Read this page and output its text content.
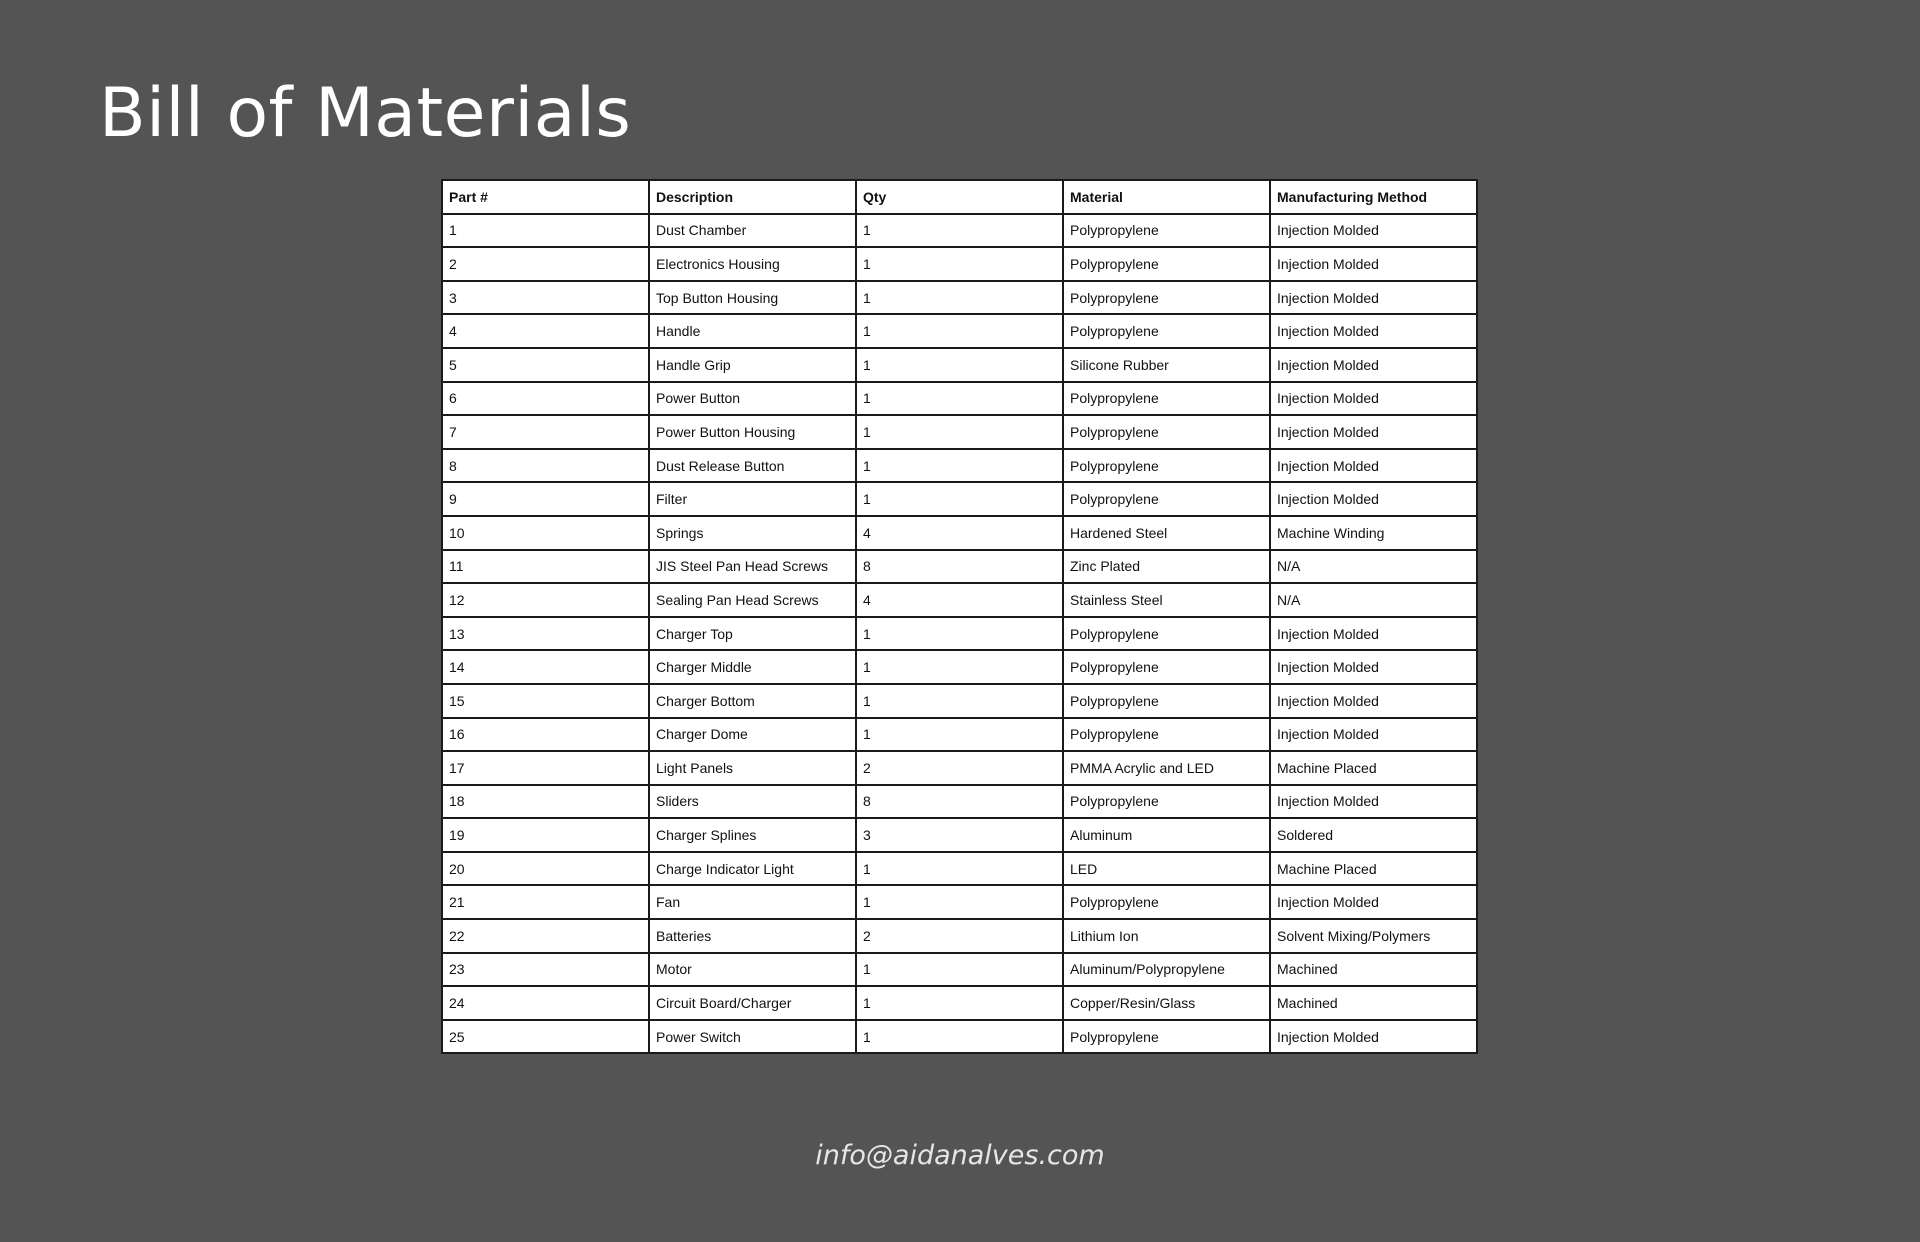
Bill of Materials
Part #	Description	Qty	Material	Manufacturing Method
1	Dust Chamber	1	Polypropylene	Injection Molded
2	Electronics Housing	1	Polypropylene	Injection Molded
3	Top Button Housing	1	Polypropylene	Injection Molded
4	Handle	1	Polypropylene	Injection Molded
5	Handle Grip	1	Silicone Rubber	Injection Molded
6	Power Button	1	Polypropylene	Injection Molded
7	Power Button Housing	1	Polypropylene	Injection Molded
8	Dust Release Button	1	Polypropylene	Injection Molded
9	Filter	1	Polypropylene	Injection Molded
10	Springs	4	Hardened Steel	Machine Winding
11	JIS Steel Pan Head Screws	8	Zinc Plated	N/A
12	Sealing Pan Head Screws	4	Stainless Steel	N/A
13	Charger Top	1	Polypropylene	Injection Molded
14	Charger Middle	1	Polypropylene	Injection Molded
15	Charger Bottom	1	Polypropylene	Injection Molded
16	Charger Dome	1	Polypropylene	Injection Molded
17	Light Panels	2	PMMA Acrylic and LED	Machine Placed
18	Sliders	8	Polypropylene	Injection Molded
19	Charger Splines	3	Aluminum	Soldered
20	Charge Indicator Light	1	LED	Machine Placed
21	Fan	1	Polypropylene	Injection Molded
22	Batteries	2	Lithium Ion	Solvent Mixing/Polymers
23	Motor	1	Aluminum/Polypropylene	Machined
24	Circuit Board/Charger	1	Copper/Resin/Glass	Machined
25	Power Switch	1	Polypropylene	Injection Molded
info@aidanalves.com
